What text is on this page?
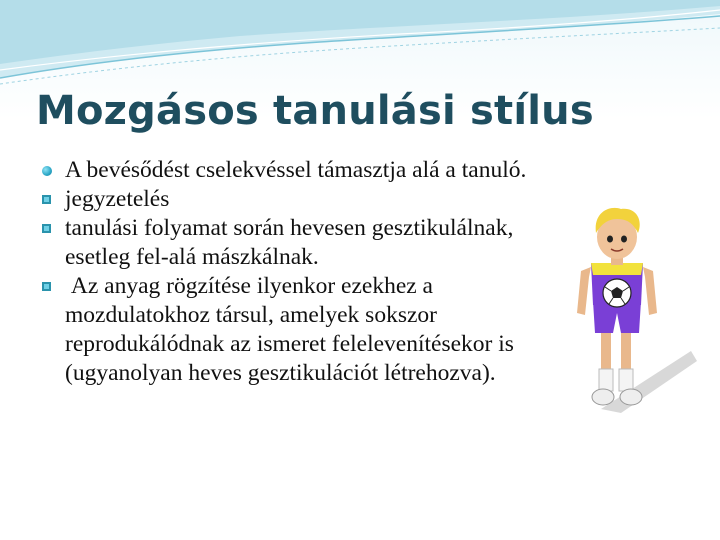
Mozgásos tanulási stílus
A bevésődést cselekvéssel támasztja alá a tanuló.
jegyzetelés
tanulási folyamat során hevesen gesztikulálnak, esetleg fel-alá mászkálnak.
Az anyag rögzítése ilyenkor ezekhez a mozdulatokhoz társul, amelyek sokszor reprodukálódnak az ismeret felelevenítésekor is (ugyanolyan heves gesztikulációt létrehozva).
